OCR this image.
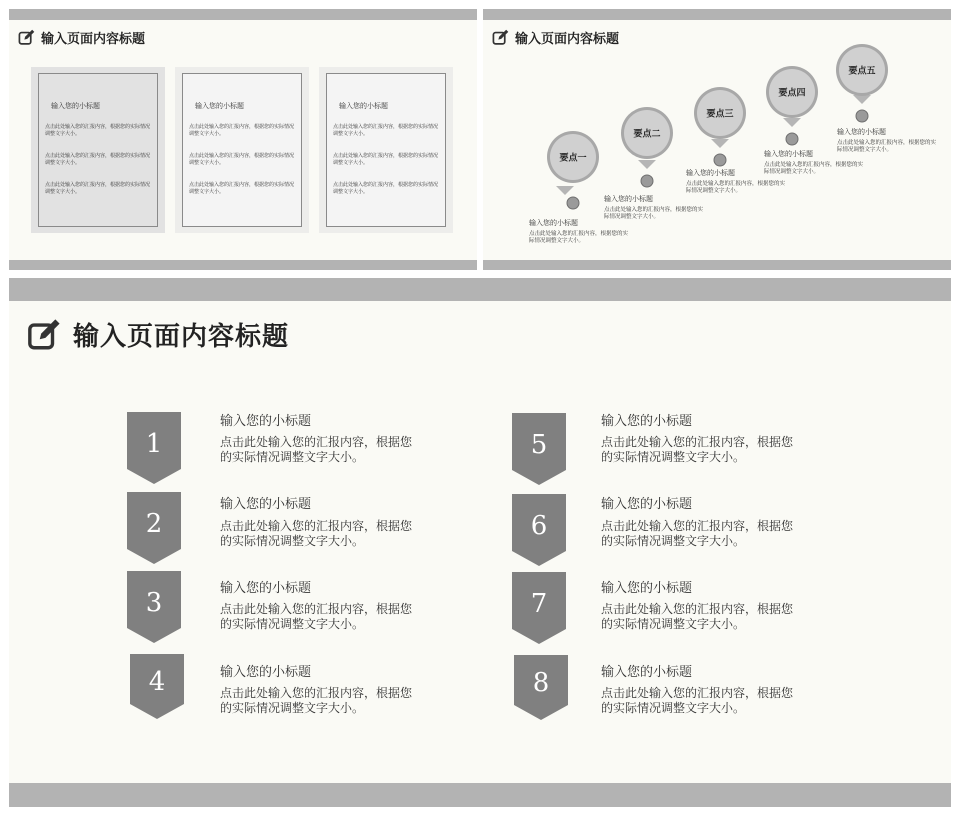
输入页面内容标题
输入您的小标题
点击此处输入您的汇报内容，根据您的实际情况调整文字大小。
点击此处输入您的汇报内容，根据您的实际情况调整文字大小。
点击此处输入您的汇报内容，根据您的实际情况调整文字大小。
输入您的小标题
点击此处输入您的汇报内容，根据您的实际情况调整文字大小。
点击此处输入您的汇报内容，根据您的实际情况调整文字大小。
点击此处输入您的汇报内容，根据您的实际情况调整文字大小。
输入您的小标题
点击此处输入您的汇报内容，根据您的实际情况调整文字大小。
点击此处输入您的汇报内容，根据您的实际情况调整文字大小。
点击此处输入您的汇报内容，根据您的实际情况调整文字大小。
输入页面内容标题
要点一
要点二
要点三
要点四
要点五
输入您的小标题
点击此处输入您的汇报内容，根据您的实际情况调整文字大小。
输入您的小标题
点击此处输入您的汇报内容，根据您的实际情况调整文字大小。
输入您的小标题
点击此处输入您的汇报内容，根据您的实际情况调整文字大小。
输入您的小标题
点击此处输入您的汇报内容，根据您的实际情况调整文字大小。
输入您的小标题
点击此处输入您的汇报内容，根据您的实际情况调整文字大小。
输入页面内容标题
1
2
3
4
5
6
7
8
输入您的小标题
点击此处输入您的汇报内容，根据您的实际情况调整文字大小。
输入您的小标题
点击此处输入您的汇报内容，根据您的实际情况调整文字大小。
输入您的小标题
点击此处输入您的汇报内容，根据您的实际情况调整文字大小。
输入您的小标题
点击此处输入您的汇报内容，根据您的实际情况调整文字大小。
输入您的小标题
点击此处输入您的汇报内容，根据您的实际情况调整文字大小。
输入您的小标题
点击此处输入您的汇报内容，根据您的实际情况调整文字大小。
输入您的小标题
点击此处输入您的汇报内容，根据您的实际情况调整文字大小。
输入您的小标题
点击此处输入您的汇报内容，根据您的实际情况调整文字大小。
